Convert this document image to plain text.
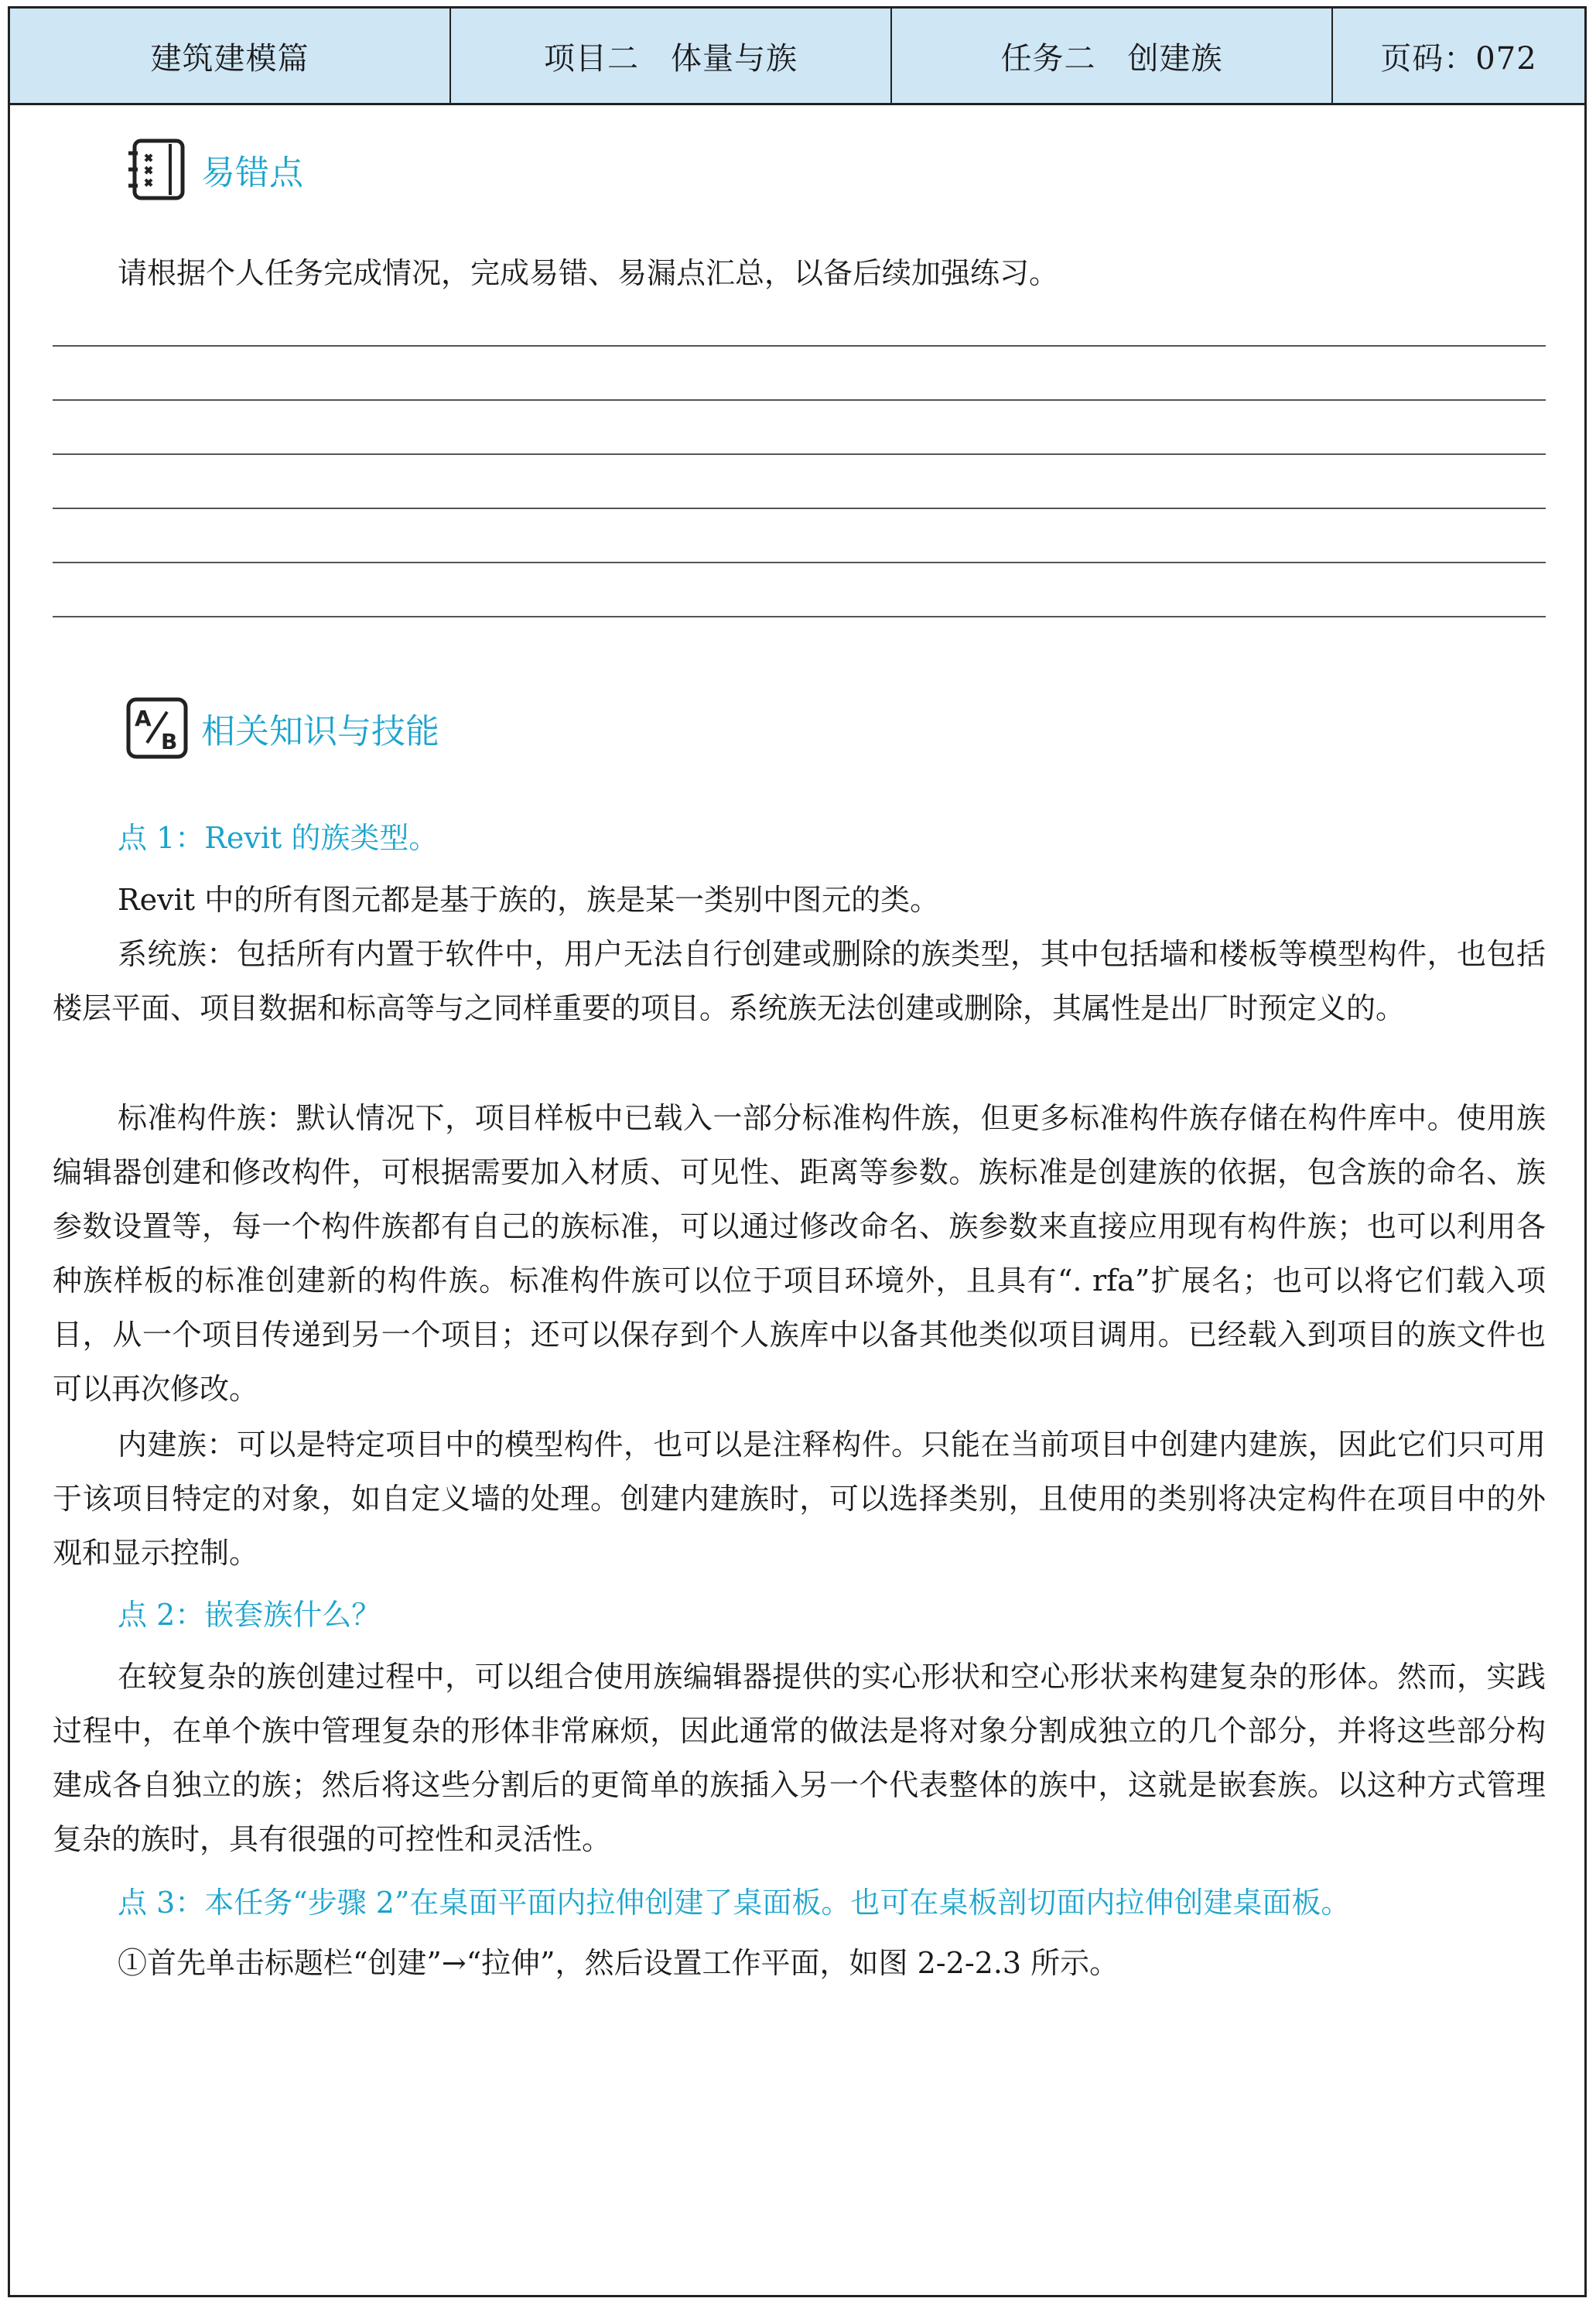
建筑建模篇	项目二　体量与族	任务二　创建族	页码：072
易错点
请根据个人任务完成情况，完成易错、易漏点汇总，以备后续加强练习。
A
B 相关知识与技能
点 1：Revit 的族类型。
Revit 中的所有图元都是基于族的，族是某一类别中图元的类。
系统族：包括所有内置于软件中，用户无法自行创建或删除的族类型，其中包括墙和楼板等模型构件，也包括楼层平面、项目数据和标高等与之同样重要的项目。系统族无法创建或删除，其属性是出厂时预定义的。
标准构件族：默认情况下，项目样板中已载入一部分标准构件族，但更多标准构件族存储在构件库中。使用族编辑器创建和修改构件，可根据需要加入材质、可见性、距离等参数。族标准是创建族的依据，包含族的命名、族参数设置等，每一个构件族都有自己的族标准，可以通过修改命名、族参数来直接应用现有构件族；也可以利用各种族样板的标准创建新的构件族。标准构件族可以位于项目环境外，且具有“. rfa”扩展名；也可以将它们载入项目，从一个项目传递到另一个项目；还可以保存到个人族库中以备其他类似项目调用。已经载入到项目的族文件也可以再次修改。
内建族：可以是特定项目中的模型构件，也可以是注释构件。只能在当前项目中创建内建族，因此它们只可用于该项目特定的对象，如自定义墙的处理。创建内建族时，可以选择类别，且使用的类别将决定构件在项目中的外观和显示控制。
点 2：嵌套族什么？
在较复杂的族创建过程中，可以组合使用族编辑器提供的实心形状和空心形状来构建复杂的形体。然而，实践过程中，在单个族中管理复杂的形体非常麻烦，因此通常的做法是将对象分割成独立的几个部分，并将这些部分构建成各自独立的族；然后将这些分割后的更简单的族插入另一个代表整体的族中，这就是嵌套族。以这种方式管理复杂的族时，具有很强的可控性和灵活性。
点 3：本任务“步骤 2”在桌面平面内拉伸创建了桌面板。也可在桌板剖切面内拉伸创建桌面板。
①首先单击标题栏“创建”→“拉伸”，然后设置工作平面，如图 2-2-2.3 所示。
